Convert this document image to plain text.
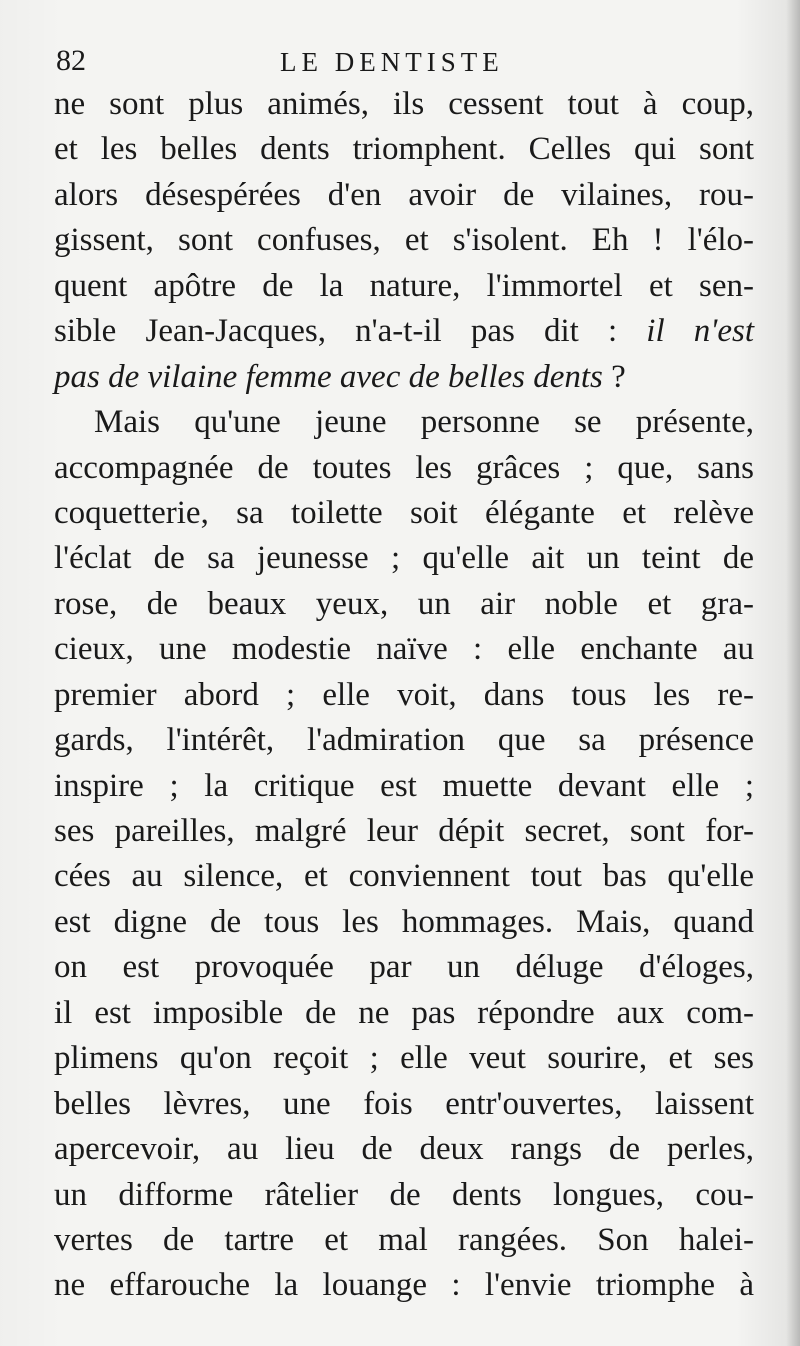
82	LE DENTISTE
ne sont plus animés, ils cessent tout à coup,
et les belles dents triomphent. Celles qui sont
alors désespérées d'en avoir de vilaines, rou-
gissent, sont confuses, et s'isolent. Eh ! l'élo-
quent apôtre de la nature, l'immortel et sen-
sible Jean-Jacques, n'a-t-il pas dit : il n'est
pas de vilaine femme avec de belles dents ?
Mais qu'une jeune personne se présente,
accompagnée de toutes les grâces ; que, sans
coquetterie, sa toilette soit élégante et relève
l'éclat de sa jeunesse ; qu'elle ait un teint de
rose, de beaux yeux, un air noble et gra-
cieux, une modestie naïve : elle enchante au
premier abord ; elle voit, dans tous les re-
gards, l'intérêt, l'admiration que sa présence
inspire ; la critique est muette devant elle ;
ses pareilles, malgré leur dépit secret, sont for-
cées au silence, et conviennent tout bas qu'elle
est digne de tous les hommages. Mais, quand
on est provoquée par un déluge d'éloges,
il est imposible de ne pas répondre aux com-
plimens qu'on reçoit ; elle veut sourire, et ses
belles lèvres, une fois entr'ouvertes, laissent
apercevoir, au lieu de deux rangs de perles,
un difforme râtelier de dents longues, cou-
vertes de tartre et mal rangées. Son halei-
ne effarouche la louange : l'envie triomphe à
